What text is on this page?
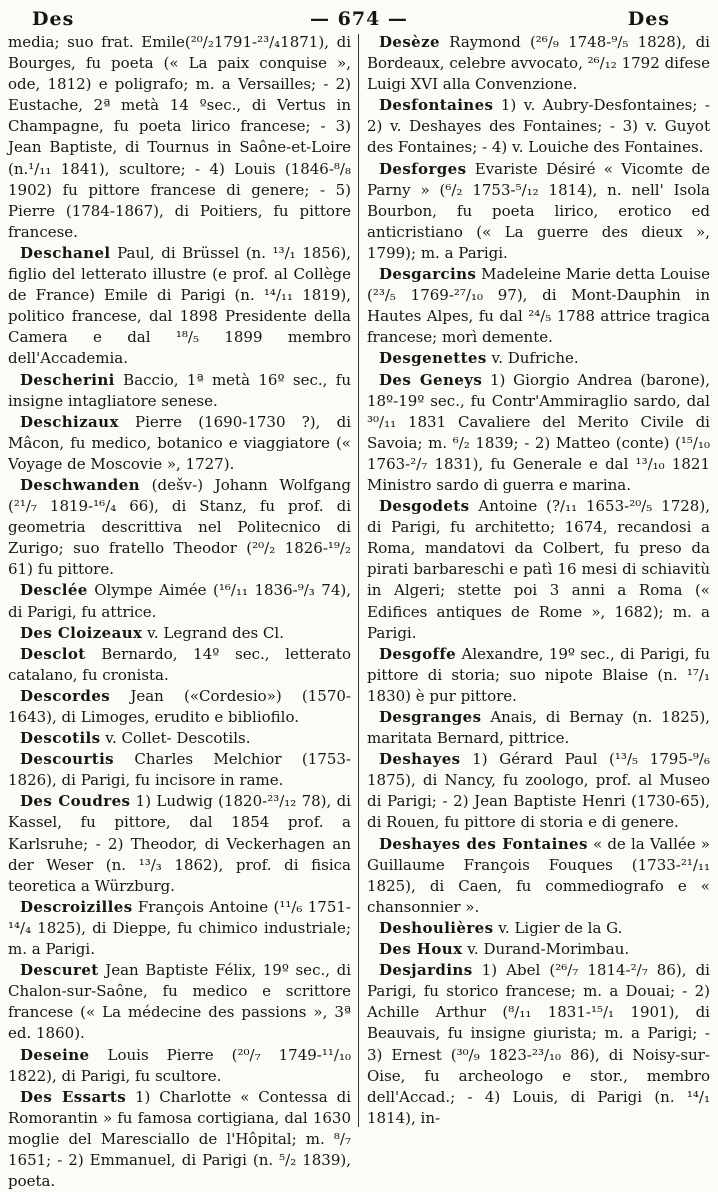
Des	— 674 —	Des

media; suo frat. Emile(²⁰/₂1791-²³/₄1871), di Bourges, fu poeta (« La paix conquise », ode, 1812) e poligrafo; m. a Versailles; - 2) Eustache, 2ª metà 14 ºsec., di Vertus in Champagne, fu poeta lirico francese; - 3) Jean Baptiste, di Tournus in Saône-et-Loire (n.¹/₁₁ 1841), scultore; - 4) Louis (1846-⁸/₈ 1902) fu pittore francese di genere; - 5) Pierre (1784-1867), di Poitiers, fu pittore francese.

Deschanel Paul, di Brüssel (n. ¹³/₁ 1856), figlio del letterato illustre (e prof. al Collège de France) Emile di Parigi (n. ¹⁴/₁₁ 1819), politico francese, dal 1898 Presidente della Camera e dal ¹⁸/₅ 1899 membro dell'Accademia.

Descherini Baccio, 1ª metà 16º sec., fu insigne intagliatore senese.

Deschizaux Pierre (1690-1730 ?), di Mâcon, fu medico, botanico e viaggiatore (« Voyage de Moscovie », 1727).

Deschwanden (dešv-) Johann Wolfgang (²¹/₇ 1819-¹⁶/₄ 66), di Stanz, fu prof. di geometria descrittiva nel Politecnico di Zurigo; suo fratello Theodor (²⁰/₂ 1826-¹⁹/₂ 61) fu pittore.

Desclée Olympe Aimée (¹⁶/₁₁ 1836-⁹/₃ 74), di Parigi, fu attrice.

Des Cloizeaux v. Legrand des Cl.

Desclot Bernardo, 14º sec., letterato catalano, fu cronista.

Descordes Jean («Cordesio») (1570-1643), di Limoges, erudito e bibliofilo.

Descotils v. Collet- Descotils.

Descourtis Charles Melchior (1753-1826), di Parigi, fu incisore in rame.

Des Coudres 1) Ludwig (1820-²³/₁₂ 78), di Kassel, fu pittore, dal 1854 prof. a Karlsruhe; - 2) Theodor, di Veckerhagen an der Weser (n. ¹³/₃ 1862), prof. di fisica teoretica a Würzburg.

Descroizilles François Antoine (¹¹/₆ 1751-¹⁴/₄ 1825), di Dieppe, fu chimico industriale; m. a Parigi.

Descuret Jean Baptiste Félix, 19º sec., di Chalon-sur-Saône, fu medico e scrittore francese (« La médecine des passions », 3ª ed. 1860).

Deseine Louis Pierre (²⁰/₇ 1749-¹¹/₁₀ 1822), di Parigi, fu scultore.

Des Essarts 1) Charlotte « Contessa di Romorantin » fu famosa cortigiana, dal 1630 moglie del Maresciallo de l'Hôpital; m. ⁸/₇ 1651; - 2) Emmanuel, di Parigi (n. ⁵/₂ 1839), poeta.

Desèze Raymond (²⁶/₉ 1748-⁹/₅ 1828), di Bordeaux, celebre avvocato, ²⁶/₁₂ 1792 difese Luigi XVI alla Convenzione.

Desfontaines 1) v. Aubry-Desfontaines; - 2) v. Deshayes des Fontaines; - 3) v. Guyot des Fontaines; - 4) v. Louiche des Fontaines.

Desforges Evariste Désiré « Vicomte de Parny » (⁶/₂ 1753-⁵/₁₂ 1814), n. nell' Isola Bourbon, fu poeta lirico, erotico ed anticristiano (« La guerre des dieux », 1799); m. a Parigi.

Desgarcins Madeleine Marie detta Louise (²³/₅ 1769-²⁷/₁₀ 97), di Mont-Dauphin in Hautes Alpes, fu dal ²⁴/₅ 1788 attrice tragica francese; morì demente.

Desgenettes v. Dufriche.

Des Geneys 1) Giorgio Andrea (barone), 18º-19º sec., fu Contr'Ammiraglio sardo, dal ³⁰/₁₁ 1831 Cavaliere del Merito Civile di Savoia; m. ⁶/₂ 1839; - 2) Matteo (conte) (¹⁵/₁₀ 1763-²/₇ 1831), fu Generale e dal ¹³/₁₀ 1821 Ministro sardo di guerra e marina.

Desgodets Antoine (?/₁₁ 1653-²⁰/₅ 1728), di Parigi, fu architetto; 1674, recandosi a Roma, mandatovi da Colbert, fu preso da pirati barbareschi e patì 16 mesi di schiavitù in Algeri; stette poi 3 anni a Roma (« Edifices antiques de Rome », 1682); m. a Parigi.

Desgoffe Alexandre, 19º sec., di Parigi, fu pittore di storia; suo nipote Blaise (n. ¹⁷/₁ 1830) è pur pittore.

Desgranges Anais, di Bernay (n. 1825), maritata Bernard, pittrice.

Deshayes 1) Gérard Paul (¹³/₅ 1795-⁹/₆ 1875), di Nancy, fu zoologo, prof. al Museo di Parigi; - 2) Jean Baptiste Henri (1730-65), di Rouen, fu pittore di storia e di genere.

Deshayes des Fontaines « de la Vallée » Guillaume François Fouques (1733-²¹/₁₁ 1825), di Caen, fu commediografo e « chansonnier ».

Deshoulières v. Ligier de la G.

Des Houx v. Durand-Morimbau.

Desjardins 1) Abel (²⁶/₇ 1814-²/₇ 86), di Parigi, fu storico francese; m. a Douai; - 2) Achille Arthur (⁸/₁₁ 1831-¹⁵/₁ 1901), di Beauvais, fu insigne giurista; m. a Parigi; - 3) Ernest (³⁰/₉ 1823-²³/₁₀ 86), di Noisy-sur-Oise, fu archeologo e stor., membro dell'Accad.; - 4) Louis, di Parigi (n. ¹⁴/₁ 1814), in-
